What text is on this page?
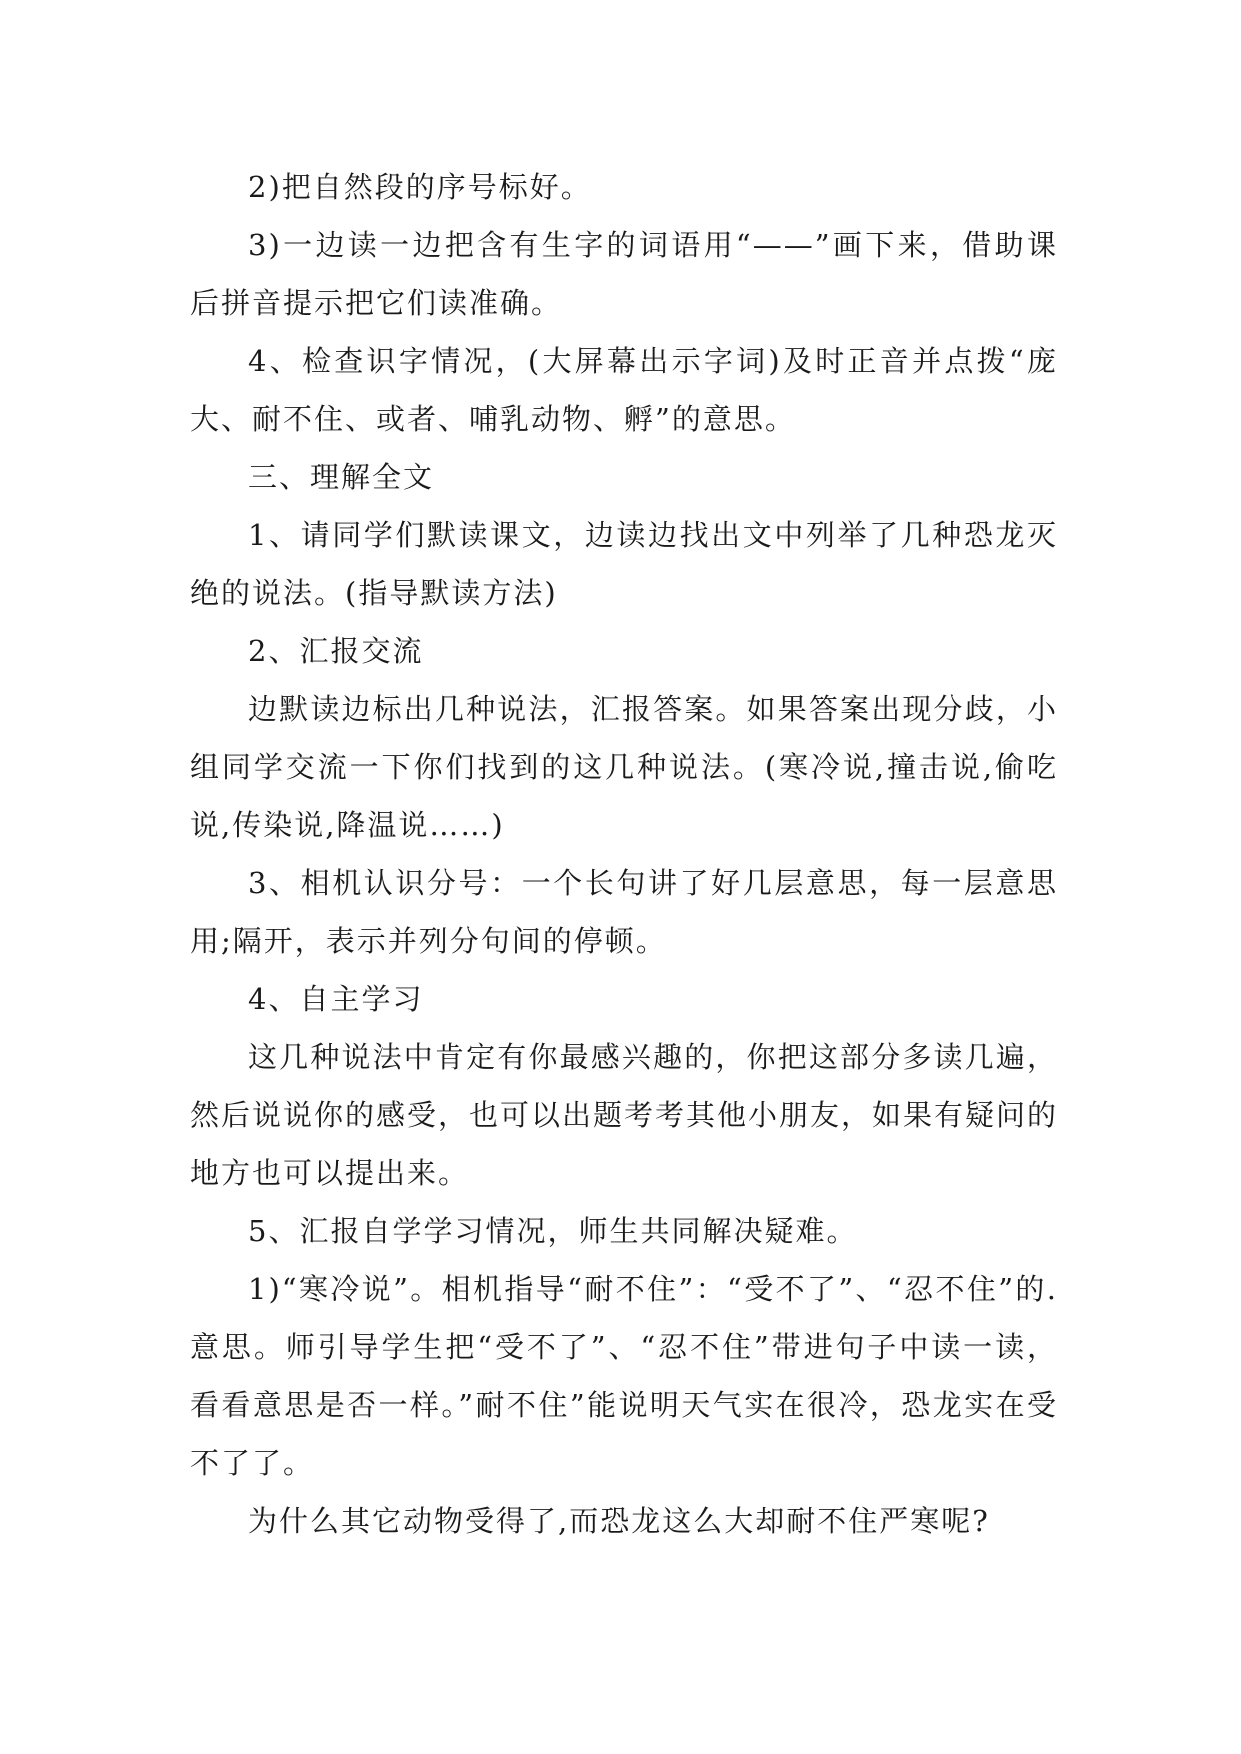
2)把自然段的序号标好。

3)一边读一边把含有生字的词语用“——”画下来，借助课后拼音提示把它们读准确。

4、检查识字情况，(大屏幕出示字词)及时正音并点拨“庞大、耐不住、或者、哺乳动物、孵”的意思。

三、理解全文

1、请同学们默读课文，边读边找出文中列举了几种恐龙灭绝的说法。(指导默读方法)

2、汇报交流

边默读边标出几种说法，汇报答案。如果答案出现分歧，小组同学交流一下你们找到的这几种说法。(寒冷说,撞击说,偷吃说,传染说,降温说……)

3、相机认识分号：一个长句讲了好几层意思，每一层意思用;隔开，表示并列分句间的停顿。

4、自主学习

这几种说法中肯定有你最感兴趣的，你把这部分多读几遍，然后说说你的感受，也可以出题考考其他小朋友，如果有疑问的地方也可以提出来。

5、汇报自学学习情况，师生共同解决疑难。

1)“寒冷说”。相机指导“耐不住”：“受不了”、“忍不住”的.意思。师引导学生把“受不了”、“忍不住”带进句子中读一读，看看意思是否一样。”耐不住”能说明天气实在很冷，恐龙实在受不了了。

为什么其它动物受得了,而恐龙这么大却耐不住严寒呢?
